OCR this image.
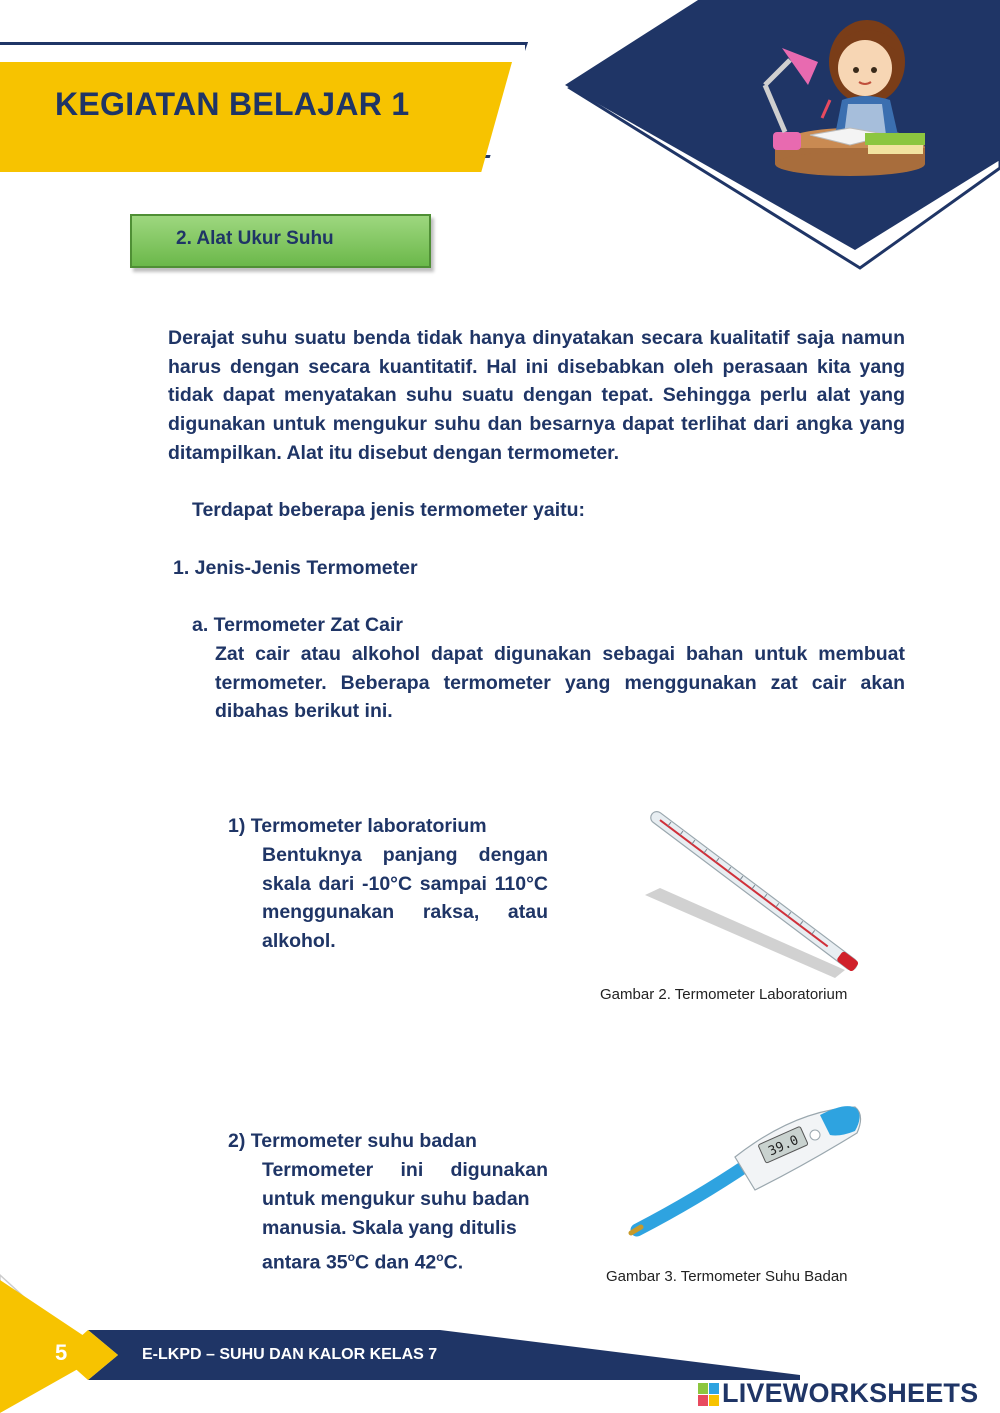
KEGIATAN BELAJAR 1
2. Alat Ukur Suhu
Derajat suhu suatu benda tidak hanya dinyatakan secara kualitatif saja namun harus dengan secara kuantitatif. Hal ini disebabkan oleh perasaan kita yang tidak dapat menyatakan suhu suatu dengan tepat. Sehingga perlu alat yang digunakan untuk mengukur suhu dan besarnya dapat terlihat dari angka yang ditampilkan. Alat itu disebut dengan termometer.
Terdapat beberapa jenis termometer yaitu:
1. Jenis-Jenis Termometer
a. Termometer Zat Cair
Zat cair atau alkohol dapat digunakan sebagai bahan untuk membuat termometer. Beberapa termometer yang menggunakan zat cair akan dibahas berikut ini.
1) Termometer laboratorium
Bentuknya panjang dengan skala dari -10°C sampai 110°C menggunakan raksa, atau alkohol.
Gambar 2. Termometer Laboratorium
2) Termometer suhu badan
Termometer ini digunakan untuk mengukur suhu badan
manusia. Skala yang ditulis
antara 35$^o$C dan 42$^o$C.
39.0
Gambar 3. Termometer Suhu Badan
5	E-LKPD – SUHU DAN KALOR KELAS 7
LIVEWORKSHEETS
